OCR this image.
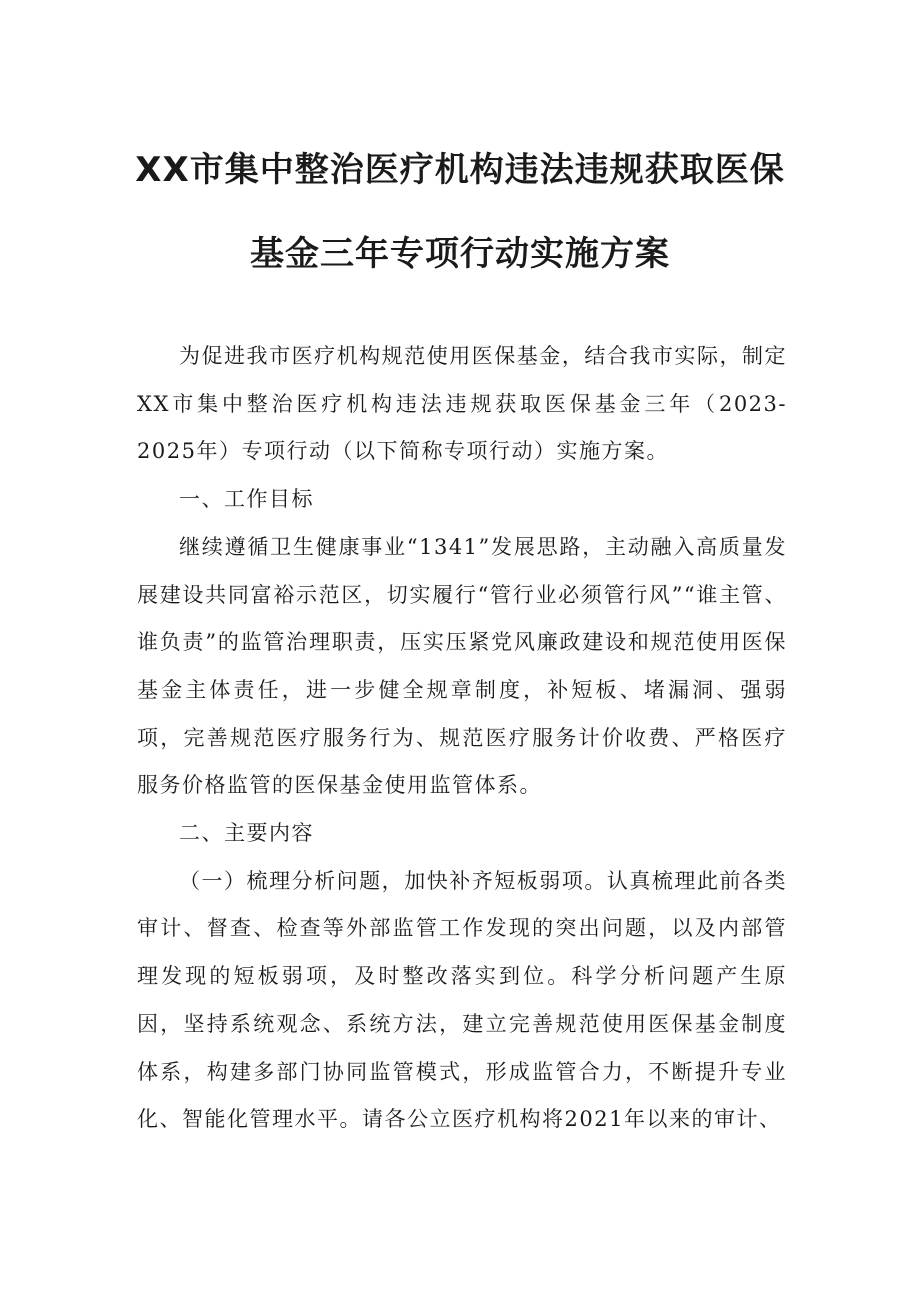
XX市集中整治医疗机构违法违规获取医保
基金三年专项行动实施方案

为促进我市医疗机构规范使用医保基金，结合我市实际，制定XX市集中整治医疗机构违法违规获取医保基金三年（2023-2025年）专项行动（以下简称专项行动）实施方案。

一、工作目标

继续遵循卫生健康事业“1341”发展思路，主动融入高质量发展建设共同富裕示范区，切实履行“管行业必须管行风”“谁主管、谁负责”的监管治理职责，压实压紧党风廉政建设和规范使用医保基金主体责任，进一步健全规章制度，补短板、堵漏洞、强弱项，完善规范医疗服务行为、规范医疗服务计价收费、严格医疗服务价格监管的医保基金使用监管体系。

二、主要内容

（一）梳理分析问题，加快补齐短板弱项。认真梳理此前各类审计、督查、检查等外部监管工作发现的突出问题，以及内部管理发现的短板弱项，及时整改落实到位。科学分析问题产生原因，坚持系统观念、系统方法，建立完善规范使用医保基金制度体系，构建多部门协同监管模式，形成监管合力，不断提升专业化、智能化管理水平。请各公立医疗机构将2021年以来的审计、
